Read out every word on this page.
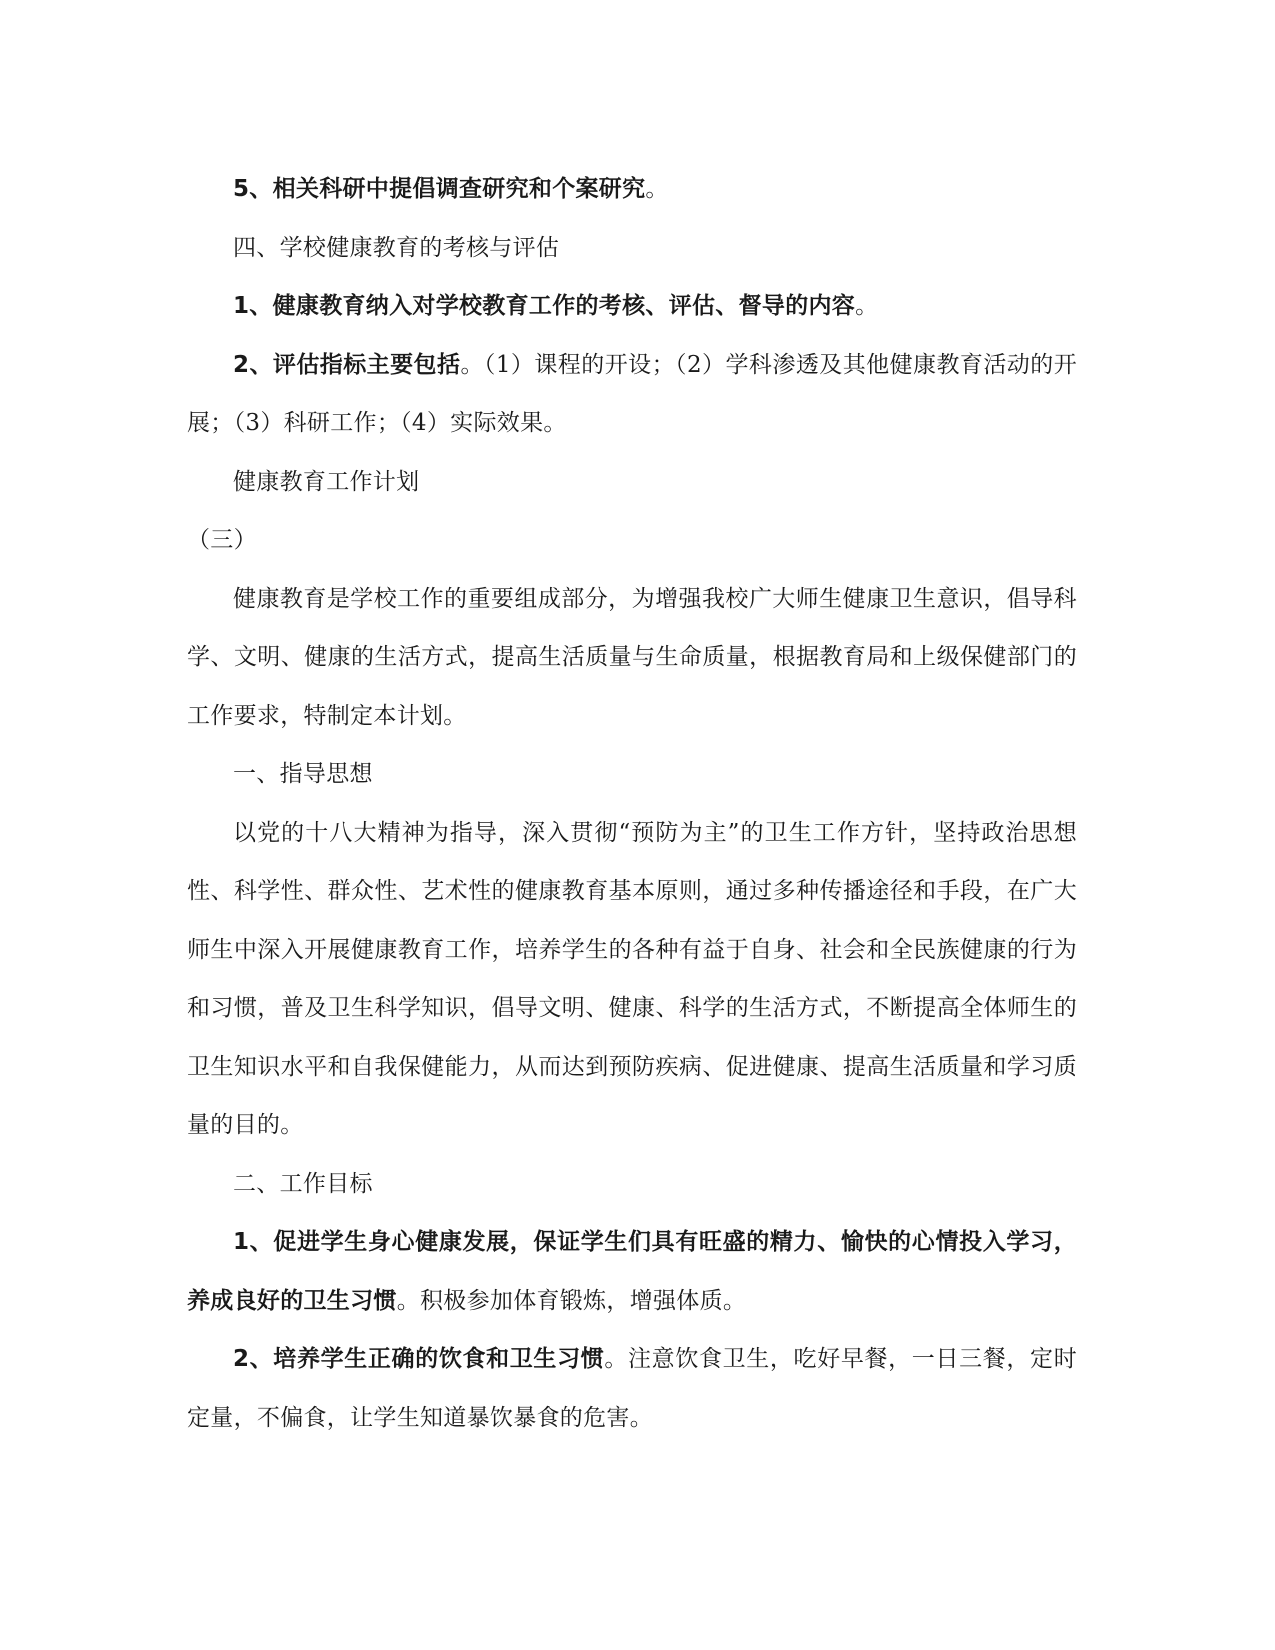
5、相关科研中提倡调查研究和个案研究。

四、学校健康教育的考核与评估

1、健康教育纳入对学校教育工作的考核、评估、督导的内容。

2、评估指标主要包括。（1）课程的开设；（2）学科渗透及其他健康教育活动的开展；（3）科研工作；（4）实际效果。

健康教育工作计划

（三）

健康教育是学校工作的重要组成部分，为增强我校广大师生健康卫生意识，倡导科学、文明、健康的生活方式，提高生活质量与生命质量，根据教育局和上级保健部门的工作要求，特制定本计划。

一、指导思想

以党的十八大精神为指导，深入贯彻“预防为主”的卫生工作方针，坚持政治思想性、科学性、群众性、艺术性的健康教育基本原则，通过多种传播途径和手段，在广大师生中深入开展健康教育工作，培养学生的各种有益于自身、社会和全民族健康的行为和习惯，普及卫生科学知识，倡导文明、健康、科学的生活方式，不断提高全体师生的卫生知识水平和自我保健能力，从而达到预防疾病、促进健康、提高生活质量和学习质量的目的。

二、工作目标

1、促进学生身心健康发展，保证学生们具有旺盛的精力、愉快的心情投入学习，养成良好的卫生习惯。积极参加体育锻炼，增强体质。

2、培养学生正确的饮食和卫生习惯。注意饮食卫生，吃好早餐，一日三餐，定时定量，不偏食，让学生知道暴饮暴食的危害。
